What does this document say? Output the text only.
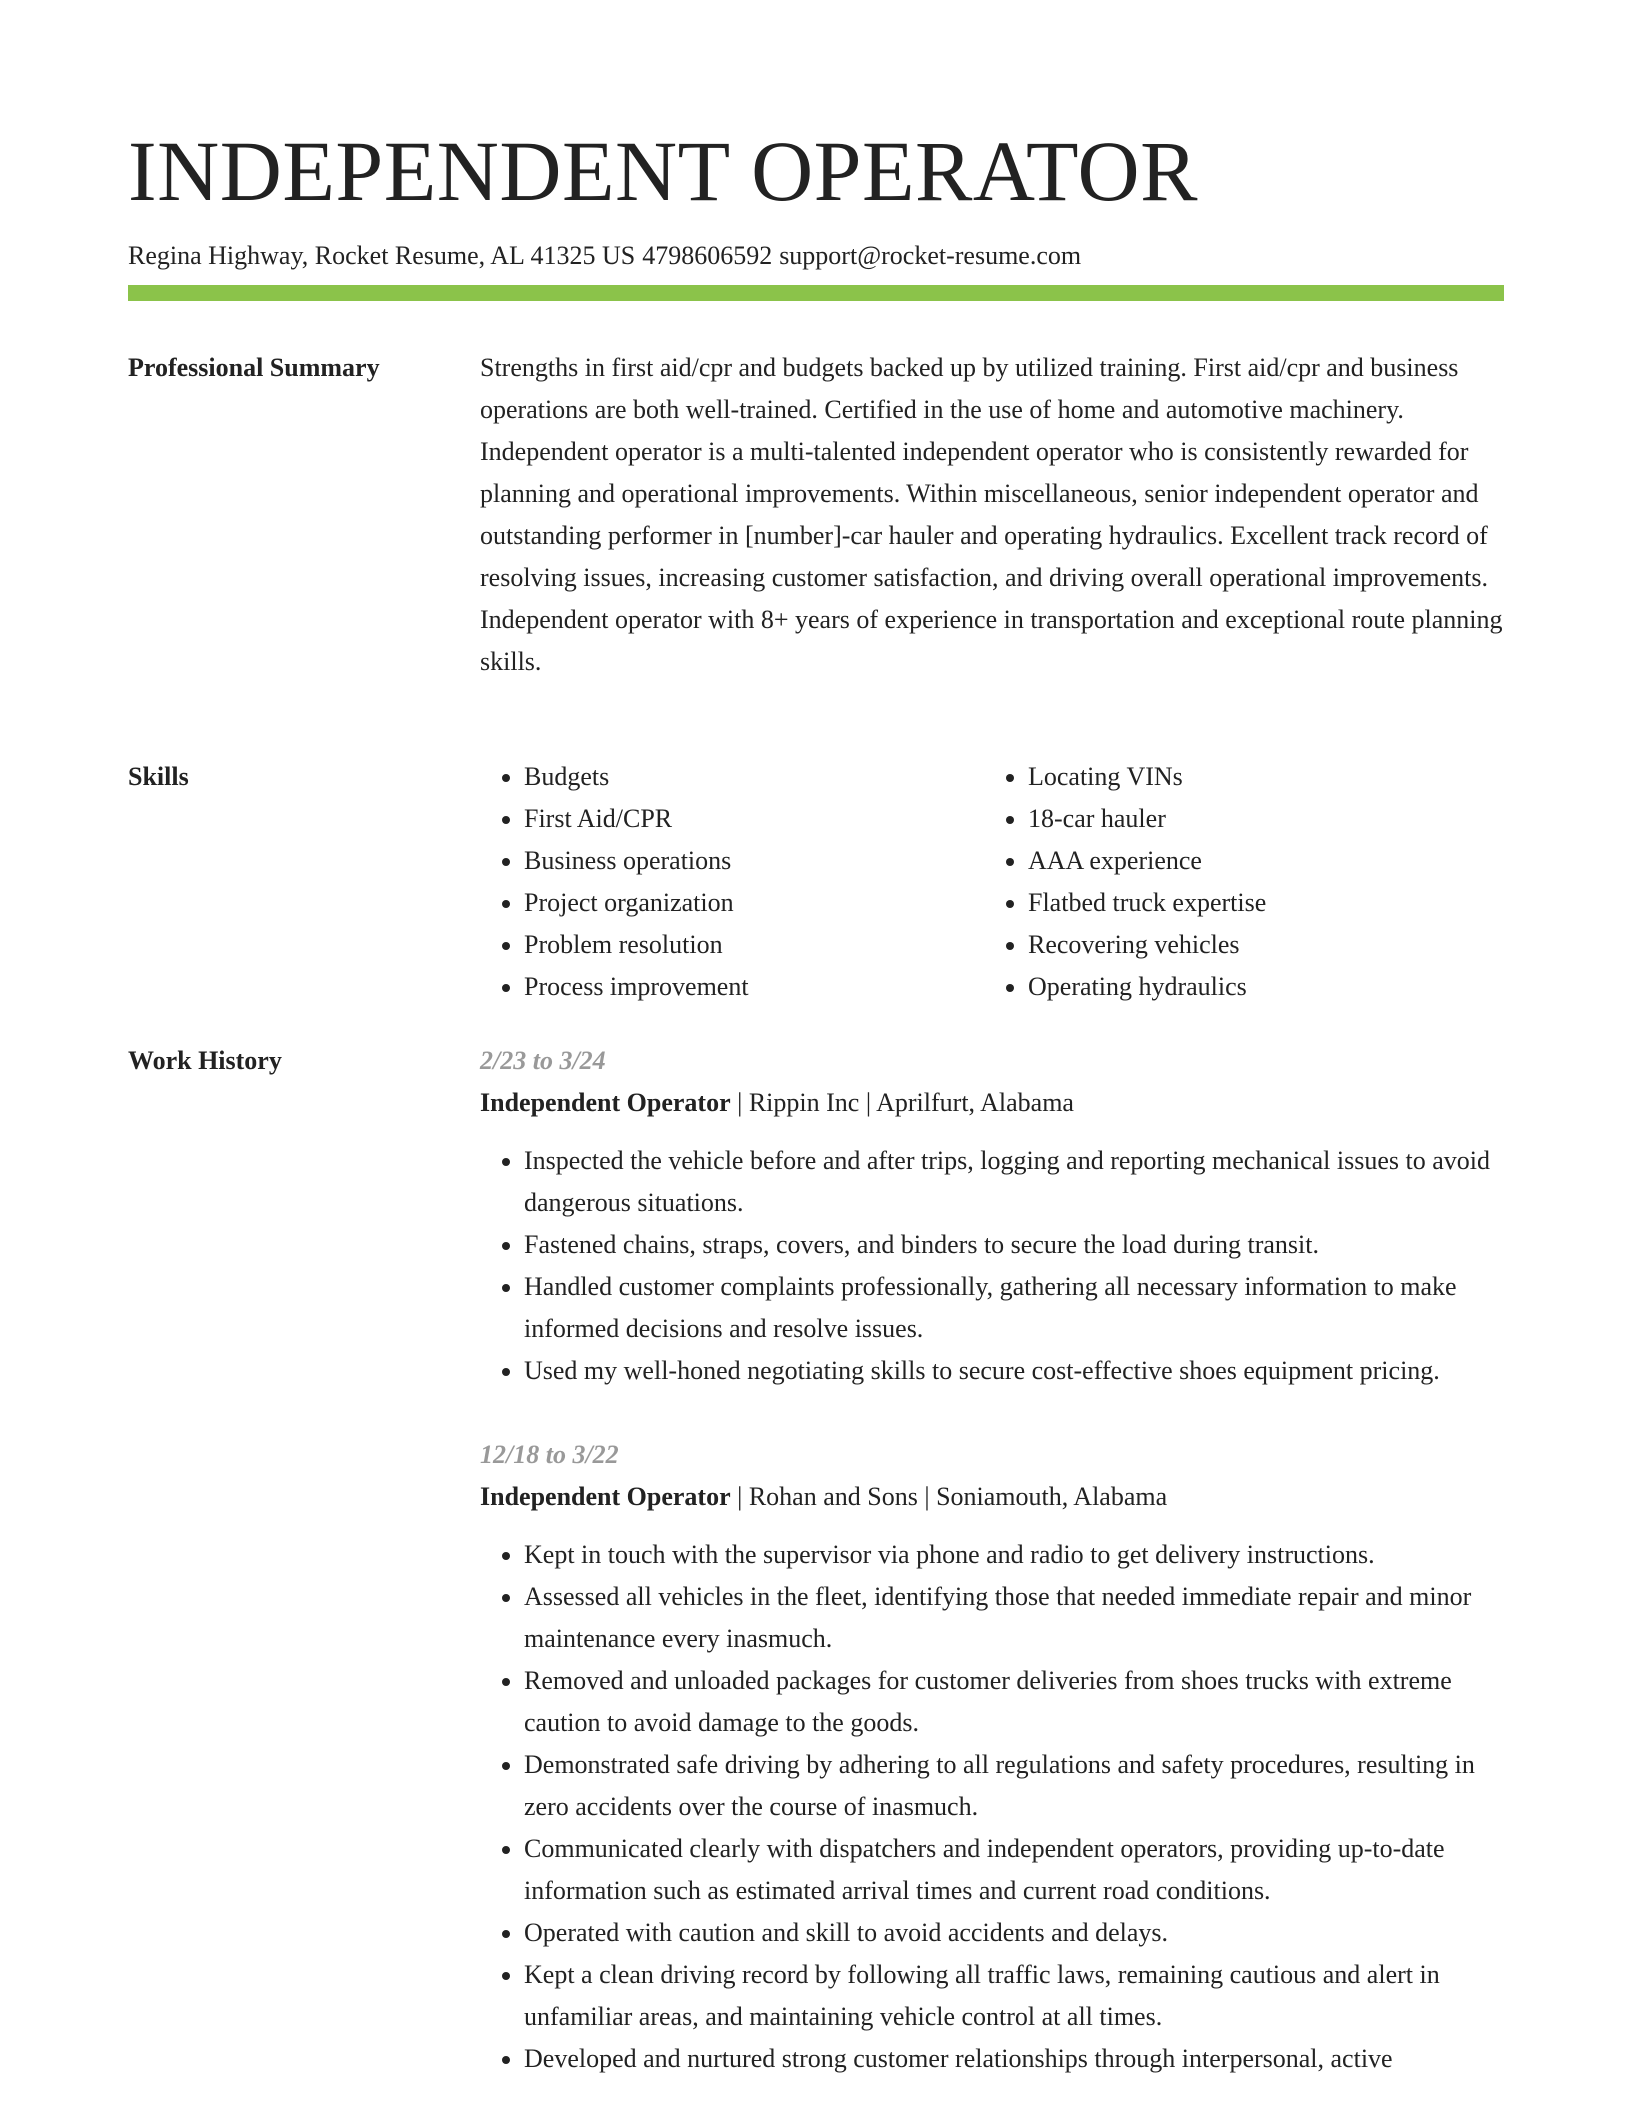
INDEPENDENT OPERATOR
Regina Highway, Rocket Resume, AL 41325 US 4798606592 support@rocket-resume.com
Professional Summary	Strengths in first aid/cpr and budgets backed up by utilized training. First aid/cpr and business operations are both well-trained. Certified in the use of home and automotive machinery. Independent operator is a multi-talented independent operator who is consistently rewarded for planning and operational improvements. Within miscellaneous, senior independent operator and outstanding performer in [number]-car hauler and operating hydraulics. Excellent track record of resolving issues, increasing customer satisfaction, and driving overall operational improvements. Independent operator with 8+ years of experience in transportation and exceptional route planning skills.

Skills
•	Budgets
• First Aid/CPR
• Business operations
• Project organization
• Problem resolution
• Process improvement
• Locating VINs
• 18-car hauler
• AAA experience
• Flatbed truck expertise
• Recovering vehicles
• Operating hydraulics
Work History	2/23 to 3/24
Independent Operator | Rippin Inc | Aprilfurt, Alabama
• Inspected the vehicle before and after trips, logging and reporting mechanical issues to avoid dangerous situations.
• Fastened chains, straps, covers, and binders to secure the load during transit.
• Handled customer complaints professionally, gathering all necessary information to make informed decisions and resolve issues.
• Used my well-honed negotiating skills to secure cost-effective shoes equipment pricing.
12/18 to 3/22
Independent Operator | Rohan and Sons | Soniamouth, Alabama
• Kept in touch with the supervisor via phone and radio to get delivery instructions.
• Assessed all vehicles in the fleet, identifying those that needed immediate repair and minor maintenance every inasmuch.
• Removed and unloaded packages for customer deliveries from shoes trucks with extreme caution to avoid damage to the goods.
• Demonstrated safe driving by adhering to all regulations and safety procedures, resulting in zero accidents over the course of inasmuch.
• Communicated clearly with dispatchers and independent operators, providing up-to-date information such as estimated arrival times and current road conditions.
• Operated with caution and skill to avoid accidents and delays.
• Kept a clean driving record by following all traffic laws, remaining cautious and alert in unfamiliar areas, and maintaining vehicle control at all times.
• Developed and nurtured strong customer relationships through interpersonal, active
